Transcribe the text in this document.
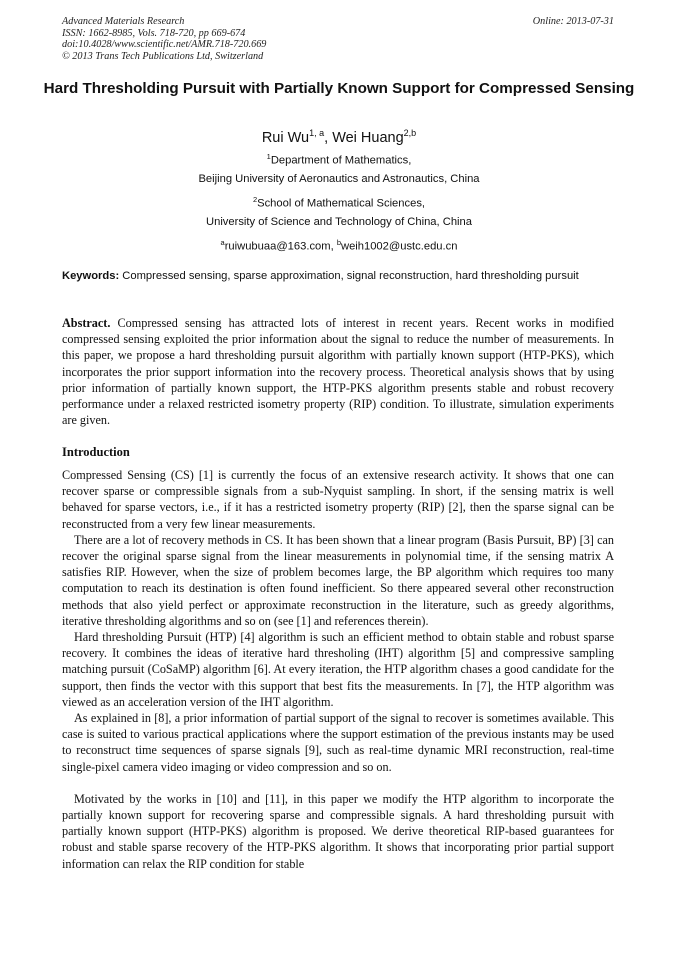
Advanced Materials Research
ISSN: 1662-8985, Vols. 718-720, pp 669-674
doi:10.4028/www.scientific.net/AMR.718-720.669
© 2013 Trans Tech Publications Ltd, Switzerland
Online: 2013-07-31
Hard Thresholding Pursuit with Partially Known Support for Compressed Sensing
Rui Wu$^{1, a}$, Wei Huang$^{2,b}$
$^1$Department of Mathematics,
Beijing University of Aeronautics and Astronautics, China
$^2$School of Mathematical Sciences,
University of Science and Technology of China, China
$^a$ruiwubuaa@163.com, $^b$weih1002@ustc.edu.cn
Keywords: Compressed sensing, sparse approximation, signal reconstruction, hard thresholding pursuit

Abstract. Compressed sensing has attracted lots of interest in recent years. Recent works in modified compressed sensing exploited the prior information about the signal to reduce the number of measurements. In this paper, we propose a hard thresholding pursuit algorithm with partially known support (HTP-PKS), which incorporates the prior support information into the recovery process. Theoretical analysis shows that by using prior information of partially known support, the HTP-PKS algorithm presents stable and robust recovery performance under a relaxed restricted isometry property (RIP) condition. To illustrate, simulation experiments are given.

Introduction

Compressed Sensing (CS) [1] is currently the focus of an extensive research activity. It shows that one can recover sparse or compressible signals from a sub-Nyquist sampling. In short, if the sensing matrix is well behaved for sparse vectors, i.e., if it has a restricted isometry property (RIP) [2], then the sparse signal can be reconstructed from a very few linear measurements.

There are a lot of recovery methods in CS. It has been shown that a linear program (Basis Pursuit, BP) [3] can recover the original sparse signal from the linear measurements in polynomial time, if the sensing matrix A satisfies RIP. However, when the size of problem becomes large, the BP algorithm which requires too many computation to reach its destination is often found inefficient. So there appeared several other reconstruction methods that also yield perfect or approximate reconstruction in the literature, such as greedy algorithms, iterative thresholding algorithms and so on (see [1] and references therein).

Hard thresholding Pursuit (HTP) [4] algorithm is such an efficient method to obtain stable and robust sparse recovery. It combines the ideas of iterative hard thresholing (IHT) algorithm [5] and compressive sampling matching pursuit (CoSaMP) algorithm [6]. At every iteration, the HTP algorithm chases a good candidate for the support, then finds the vector with this support that best fits the measurements. In [7], the HTP algorithm was viewed as an acceleration version of the IHT algorithm.

As explained in [8], a prior information of partial support of the signal to recover is sometimes available. This case is suited to various practical applications where the support estimation of the previous instants may be used to reconstruct time sequences of sparse signals [9], such as real-time dynamic MRI reconstruction, real-time single-pixel camera video imaging or video compression and so on.

Motivated by the works in [10] and [11], in this paper we modify the HTP algorithm to incorporate the partially known support for recovering sparse and compressible signals. A hard thresholding pursuit with partially known support (HTP-PKS) algorithm is proposed. We derive theoretical RIP-based guarantees for robust and stable sparse recovery of the HTP-PKS algorithm. It shows that incorporating prior partial support information can relax the RIP condition for stable
